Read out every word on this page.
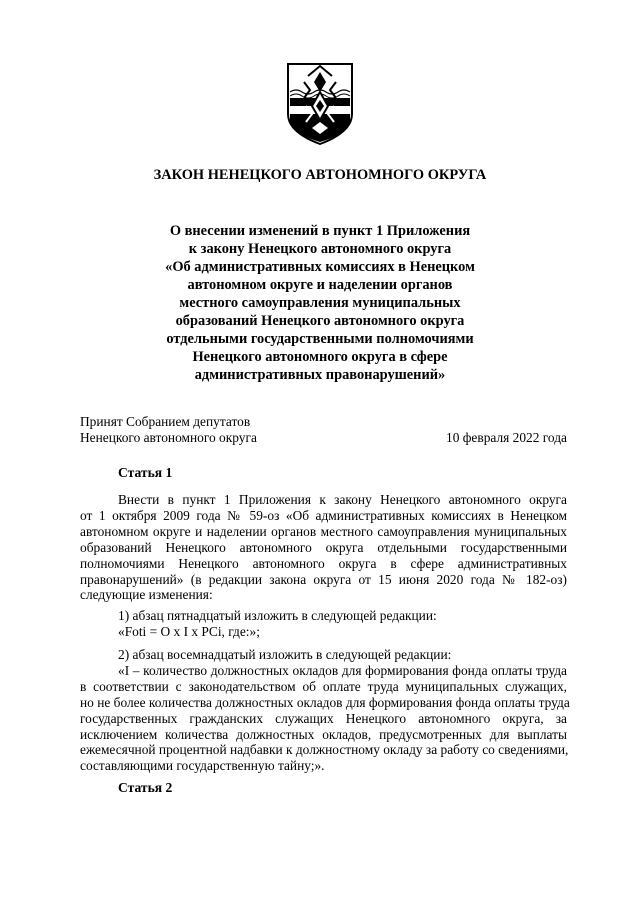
ЗАКОН НЕНЕЦКОГО АВТОНОМНОГО ОКРУГА
О внесении изменений в пункт 1 Приложения
к закону Ненецкого автономного округа
«Об административных комиссиях в Ненецком
автономном округе и наделении органов
местного самоуправления муниципальных
образований Ненецкого автономного округа
отдельными государственными полномочиями
Ненецкого автономного округа в сфере
административных правонарушений»
Принят Собранием депутатов
Ненецкого автономного округа	10 февраля 2022 года
Статья 1
Внести в пункт 1 Приложения к закону Ненецкого автономного округа
от 1 октября 2009 года № 59-оз «Об административных комиссиях в Ненецком
автономном округе и наделении органов местного самоуправления муниципальных
образований Ненецкого автономного округа отдельными государственными
полномочиями Ненецкого автономного округа в сфере административных
правонарушений» (в редакции закона округа от 15 июня 2020 года № 182-оз)
следующие изменения:
1) абзац пятнадцатый изложить в следующей редакции:
«Fоti = O x I x PCi, где:»;
2) абзац восемнадцатый изложить в следующей редакции:
«I – количество должностных окладов для формирования фонда оплаты труда
в соответствии с законодательством об оплате труда муниципальных служащих,
но не более количества должностных окладов для формирования фонда оплаты труда
государственных гражданских служащих Ненецкого автономного округа, за
исключением количества должностных окладов, предусмотренных для выплаты
ежемесячной процентной надбавки к должностному окладу за работу со сведениями,
составляющими государственную тайну;».
Статья 2
